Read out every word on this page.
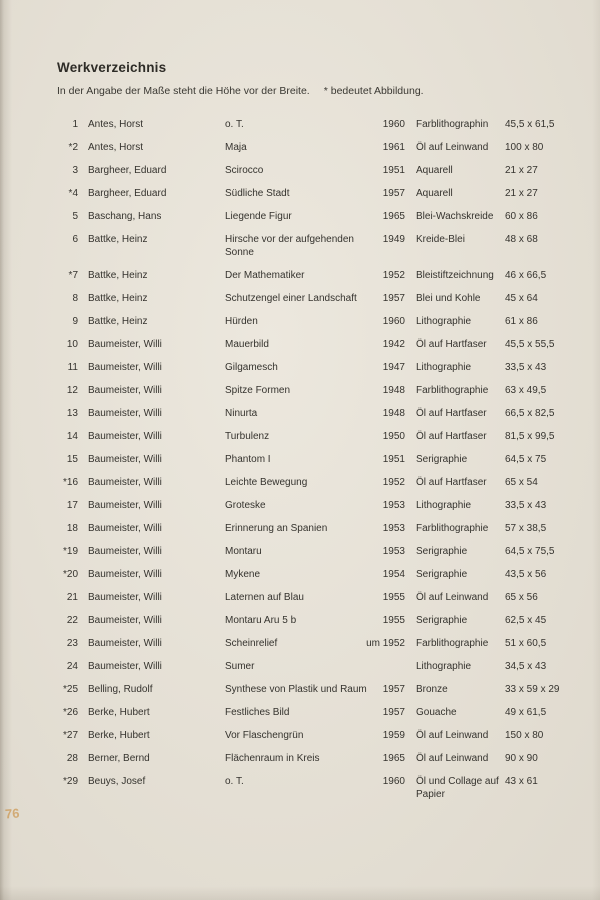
Werkverzeichnis

In der Angabe der Maße steht die Höhe vor der Breite. * bedeutet Abbildung.

1	Antes, Horst	o. T.	1960	Farblithographin	45,5 x 61,5
*2	Antes, Horst	Maja	1961	Öl auf Leinwand	100 x 80
3	Bargheer, Eduard	Scirocco	1951	Aquarell	21 x 27
*4	Bargheer, Eduard	Südliche Stadt	1957	Aquarell	21 x 27
5	Baschang, Hans	Liegende Figur	1965	Blei-Wachskreide	60 x 86
6	Battke, Heinz	Hirsche vor der aufgehenden Sonne
1949	Kreide-Blei	48 x 68
*7	Battke, Heinz	Der Mathematiker	1952	Bleistiftzeichnung	46 x 66,5
8	Battke, Heinz	Schutzengel einer Landschaft	1957	Blei und Kohle	45 x 64
9	Battke, Heinz	Hürden	1960	Lithographie	61 x 86
10	Baumeister, Willi	Mauerbild	1942	Öl auf Hartfaser	45,5 x 55,5
11	Baumeister, Willi	Gilgamesch	1947	Lithographie	33,5 x 43
12	Baumeister, Willi	Spitze Formen	1948	Farblithographie	63 x 49,5
13	Baumeister, Willi	Ninurta	1948	Öl auf Hartfaser	66,5 x 82,5
14	Baumeister, Willi	Turbulenz	1950	Öl auf Hartfaser	81,5 x 99,5
15	Baumeister, Willi	Phantom I	1951	Serigraphie	64,5 x 75
*16	Baumeister, Willi	Leichte Bewegung	1952	Öl auf Hartfaser	65 x 54
17	Baumeister, Willi	Groteske	1953	Lithographie	33,5 x 43
18	Baumeister, Willi	Erinnerung an Spanien	1953	Farblithographie	57 x 38,5
*19	Baumeister, Willi	Montaru	1953	Serigraphie	64,5 x 75,5
*20	Baumeister, Willi	Mykene	1954	Serigraphie	43,5 x 56
21	Baumeister, Willi	Laternen auf Blau	1955	Öl auf Leinwand	65 x 56
22	Baumeister, Willi	Montaru Aru 5 b	1955	Serigraphie	62,5 x 45
23	Baumeister, Willi	Scheinrelief	um 1952	Farblithographie	51 x 60,5
24	Baumeister, Willi	Sumer	Lithographie	34,5 x 43
*25	Belling, Rudolf	Synthese von Plastik und Raum	1957	Bronze	33 x 59 x 29
*26	Berke, Hubert	Festliches Bild	1957	Gouache	49 x 61,5
*27	Berke, Hubert	Vor Flaschengrün	1959	Öl auf Leinwand	150 x 80
28	Berner, Bernd	Flächenraum in Kreis	1965	Öl auf Leinwand	90 x 90
*29	Beuys, Josef	o. T.	1960	Öl und Collage auf Papier
43 x 61
76
